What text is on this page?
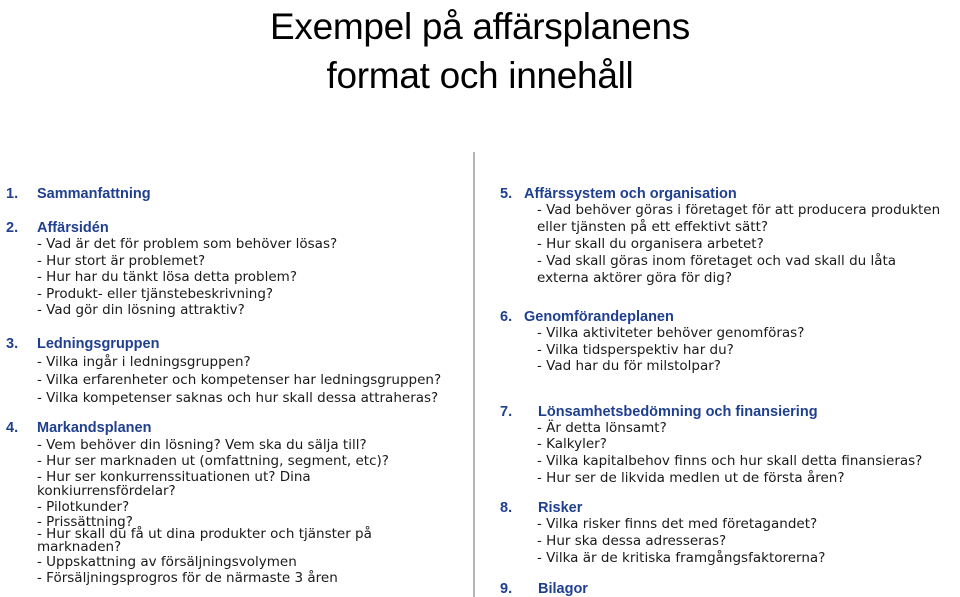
Exempel på affärsplanens
format och innehåll
1. Sammanfattning
2. Affärsidén
- Vad är det för problem som behöver lösas?
- Hur stort är problemet?
- Hur har du tänkt lösa detta problem?
- Produkt- eller tjänstebeskrivning?
- Vad gör din lösning attraktiv?
3. Ledningsgruppen
- Vilka ingår i ledningsgruppen?
- Vilka erfarenheter och kompetenser har ledningsgruppen?
- Vilka kompetenser saknas och hur skall dessa attraheras?
4. Markandsplanen
- Vem behöver din lösning? Vem ska du sälja till?
- Hur ser marknaden ut (omfattning, segment, etc)?
- Hur ser konkurrenssituationen ut? Dina
konkiurrensfördelar?
- Pilotkunder?
- Prissättning?
- Hur skall du få ut dina produkter och tjänster på
marknaden?
- Uppskattning av försäljningsvolymen
- Försäljningsprogros för de närmaste 3 åren
5. Affärssystem och organisation
- Vad behöver göras i företaget för att producera produkten
eller tjänsten på ett effektivt sätt?
- Hur skall du organisera arbetet?
- Vad skall göras inom företaget och vad skall du låta
externa aktörer göra för dig?
6. Genomförandeplanen
- Vilka aktiviteter behöver genomföras?
- Vilka tidsperspektiv har du?
- Vad har du för milstolpar?
7. Lönsamhetsbedömning och finansiering
- Är detta lönsamt?
- Kalkyler?
- Vilka kapitalbehov finns och hur skall detta finansieras?
- Hur ser de likvida medlen ut de första åren?
8. Risker
- Vilka risker finns det med företagandet?
- Hur ska dessa adresseras?
- Vilka är de kritiska framgångsfaktorerna?
9. Bilagor
